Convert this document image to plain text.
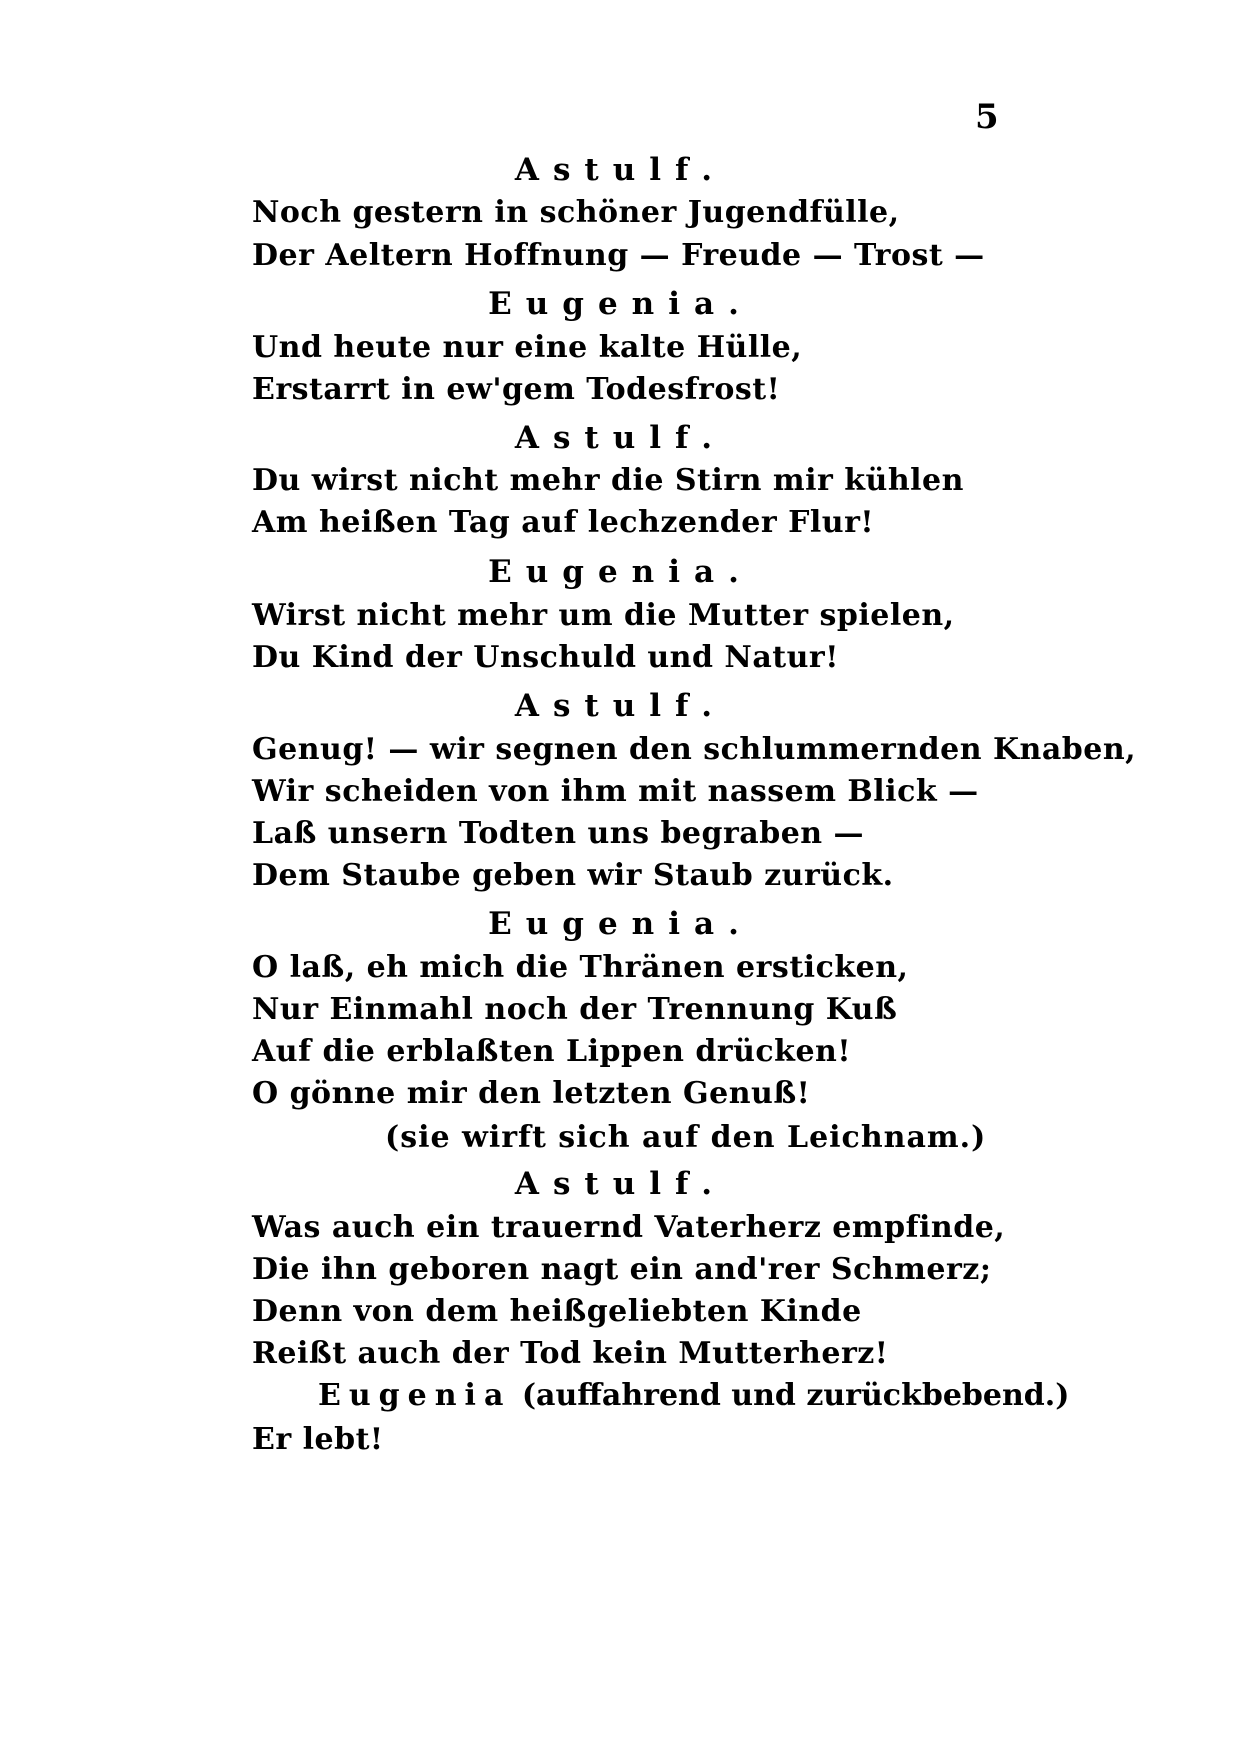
5
Astulf.
Noch gestern in schöner Jugendfülle,
Der Aeltern Hoffnung — Freude — Trost —
Eugenia.
Und heute nur eine kalte Hülle,
Erstarrt in ew'gem Todesfrost!
Astulf.
Du wirst nicht mehr die Stirn mir kühlen
Am heißen Tag auf lechzender Flur!
Eugenia.
Wirst nicht mehr um die Mutter spielen,
Du Kind der Unschuld und Natur!
Astulf.
Genug! — wir segnen den schlummernden Knaben,
Wir scheiden von ihm mit nassem Blick —
Laß unsern Todten uns begraben —
Dem Staube geben wir Staub zurück.
Eugenia.
O laß, eh mich die Thränen ersticken,
Nur Einmahl noch der Trennung Kuß
Auf die erblaßten Lippen drücken!
O gönne mir den letzten Genuß!
(sie wirft sich auf den Leichnam.)
Astulf.
Was auch ein trauernd Vaterherz empfinde,
Die ihn geboren nagt ein and'rer Schmerz;
Denn von dem heißgeliebten Kinde
Reißt auch der Tod kein Mutterherz!
Eugenia (auffahrend und zurückbebend.)
Er lebt!
